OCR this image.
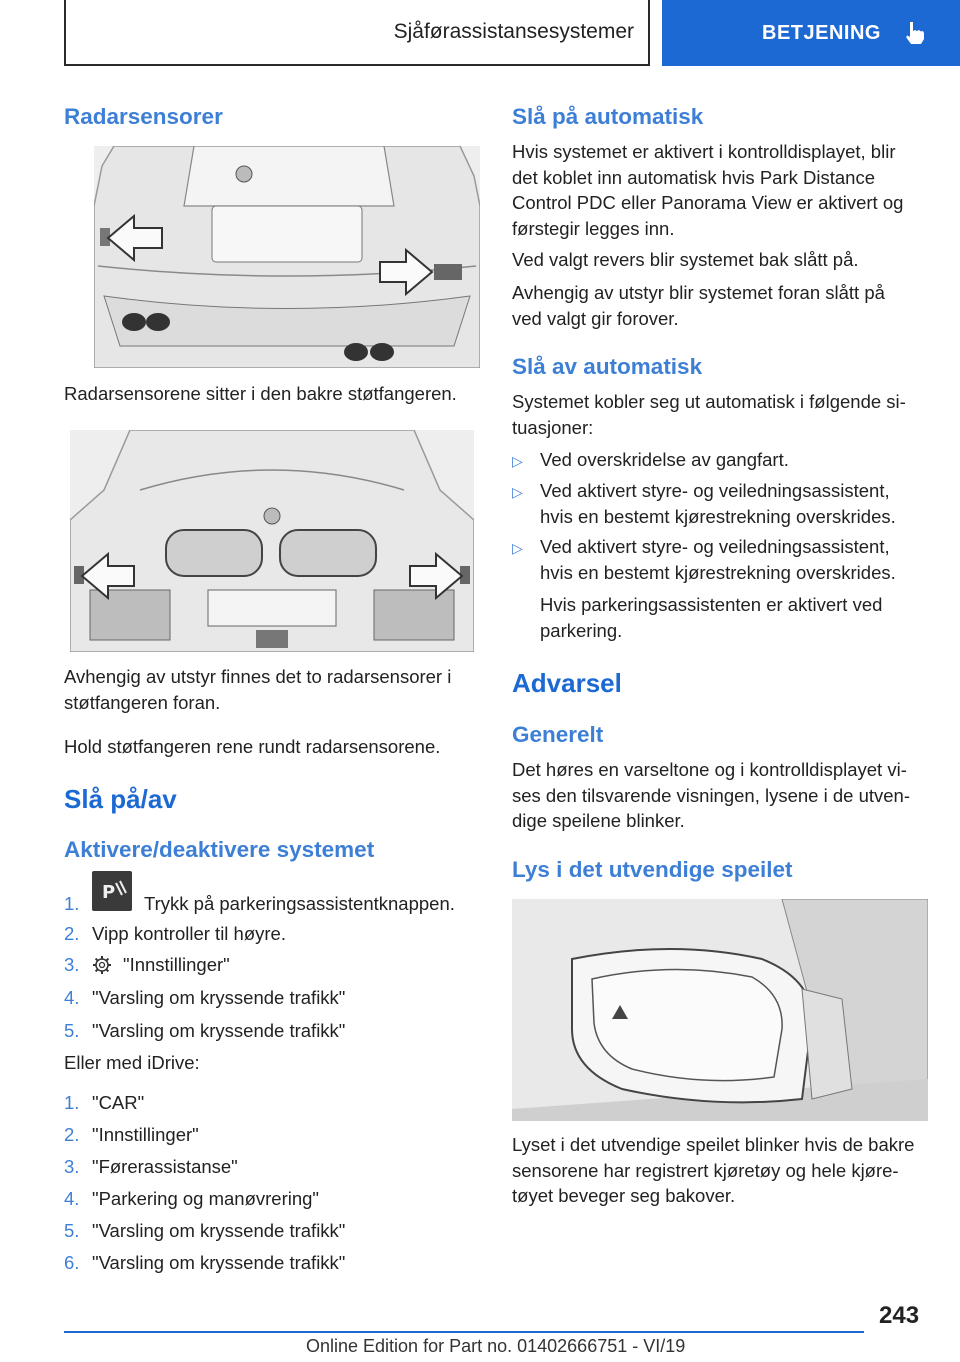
Sjåførassistansesystemer	BETJENING
Radarsensorer
Radarsensorene sitter i den bakre støtfangeren.
Avhengig av utstyr finnes det to radarsensorer i
støtfangeren foran.
Hold støtfangeren rene rundt radarsensorene.
Slå på/av
Aktivere/deaktivere systemet
1.
P
Trykk på parkeringsassistentknappen.
2. Vipp kontroller til høyre.
3. "Innstillinger"
4. "Varsling om kryssende trafikk"
5. "Varsling om kryssende trafikk"
Eller med iDrive:
1. "CAR"
2. "Innstillinger"
3. "Førerassistanse"
4. "Parkering og manøvrering"
5. "Varsling om kryssende trafikk"
6. "Varsling om kryssende trafikk"
Slå på automatisk
Hvis systemet er aktivert i kontrolldisplayet, blir
det koblet inn automatisk hvis Park Distance
Control PDC eller Panorama View er aktivert og
førstegir legges inn.
Ved valgt revers blir systemet bak slått på.
Avhengig av utstyr blir systemet foran slått på
ved valgt gir forover.
Slå av automatisk
Systemet kobler seg ut automatisk i følgende si-
tuasjoner:
▷ Ved overskridelse av gangfart.
▷ Ved aktivert styre- og veiledningsassistent,
hvis en bestemt kjørestrekning overskrides.
▷ Ved aktivert styre- og veiledningsassistent,
hvis en bestemt kjørestrekning overskrides.
Hvis parkeringsassistenten er aktivert ved
parkering.
Advarsel
Generelt
Det høres en varseltone og i kontrolldisplayet vi-
ses den tilsvarende visningen, lysene i de utven-
dige speilene blinker.
Lys i det utvendige speilet
Lyset i det utvendige speilet blinker hvis de bakre
sensorene har registrert kjøretøy og hele kjøre-
tøyet beveger seg bakover.
243
Online Edition for Part no. 01402666751 - VI/19
